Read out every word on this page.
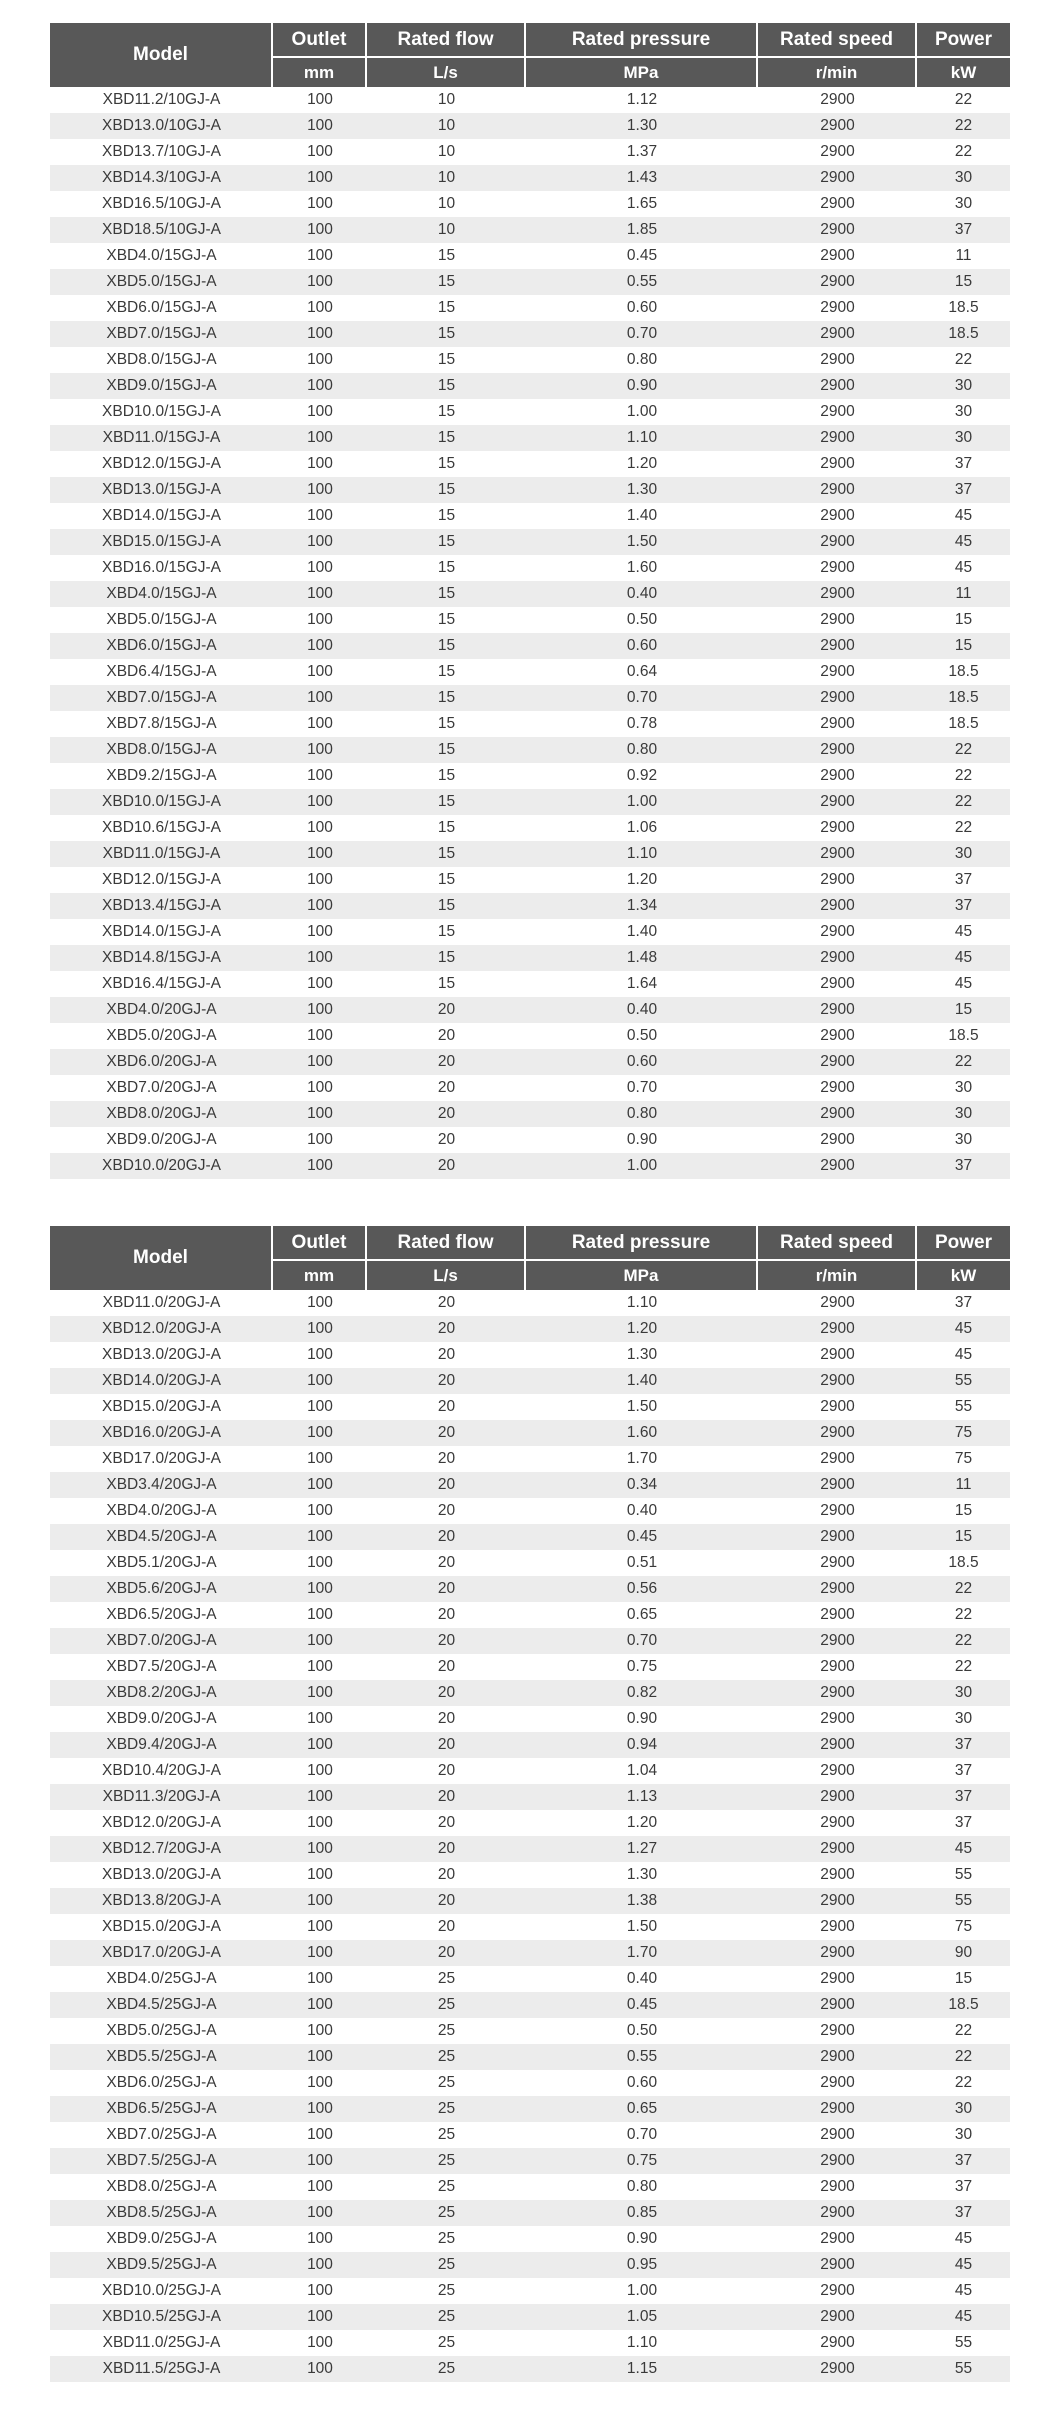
Model	Outlet	Rated flow	Rated pressure	Rated speed	Power
	mm	L/s	MPa	r/min	kW
XBD11.2/10GJ-A	100	10	1.12	2900	22
XBD13.0/10GJ-A	100	10	1.30	2900	22
XBD13.7/10GJ-A	100	10	1.37	2900	22
XBD14.3/10GJ-A	100	10	1.43	2900	30
XBD16.5/10GJ-A	100	10	1.65	2900	30
XBD18.5/10GJ-A	100	10	1.85	2900	37
XBD4.0/15GJ-A	100	15	0.45	2900	11
XBD5.0/15GJ-A	100	15	0.55	2900	15
XBD6.0/15GJ-A	100	15	0.60	2900	18.5
XBD7.0/15GJ-A	100	15	0.70	2900	18.5
XBD8.0/15GJ-A	100	15	0.80	2900	22
XBD9.0/15GJ-A	100	15	0.90	2900	30
XBD10.0/15GJ-A	100	15	1.00	2900	30
XBD11.0/15GJ-A	100	15	1.10	2900	30
XBD12.0/15GJ-A	100	15	1.20	2900	37
XBD13.0/15GJ-A	100	15	1.30	2900	37
XBD14.0/15GJ-A	100	15	1.40	2900	45
XBD15.0/15GJ-A	100	15	1.50	2900	45
XBD16.0/15GJ-A	100	15	1.60	2900	45
XBD4.0/15GJ-A	100	15	0.40	2900	11
XBD5.0/15GJ-A	100	15	0.50	2900	15
XBD6.0/15GJ-A	100	15	0.60	2900	15
XBD6.4/15GJ-A	100	15	0.64	2900	18.5
XBD7.0/15GJ-A	100	15	0.70	2900	18.5
XBD7.8/15GJ-A	100	15	0.78	2900	18.5
XBD8.0/15GJ-A	100	15	0.80	2900	22
XBD9.2/15GJ-A	100	15	0.92	2900	22
XBD10.0/15GJ-A	100	15	1.00	2900	22
XBD10.6/15GJ-A	100	15	1.06	2900	22
XBD11.0/15GJ-A	100	15	1.10	2900	30
XBD12.0/15GJ-A	100	15	1.20	2900	37
XBD13.4/15GJ-A	100	15	1.34	2900	37
XBD14.0/15GJ-A	100	15	1.40	2900	45
XBD14.8/15GJ-A	100	15	1.48	2900	45
XBD16.4/15GJ-A	100	15	1.64	2900	45
XBD4.0/20GJ-A	100	20	0.40	2900	15
XBD5.0/20GJ-A	100	20	0.50	2900	18.5
XBD6.0/20GJ-A	100	20	0.60	2900	22
XBD7.0/20GJ-A	100	20	0.70	2900	30
XBD8.0/20GJ-A	100	20	0.80	2900	30
XBD9.0/20GJ-A	100	20	0.90	2900	30
XBD10.0/20GJ-A	100	20	1.00	2900	37
Model	Outlet	Rated flow	Rated pressure	Rated speed	Power
	mm	L/s	MPa	r/min	kW
XBD11.0/20GJ-A	100	20	1.10	2900	37
XBD12.0/20GJ-A	100	20	1.20	2900	45
XBD13.0/20GJ-A	100	20	1.30	2900	45
XBD14.0/20GJ-A	100	20	1.40	2900	55
XBD15.0/20GJ-A	100	20	1.50	2900	55
XBD16.0/20GJ-A	100	20	1.60	2900	75
XBD17.0/20GJ-A	100	20	1.70	2900	75
XBD3.4/20GJ-A	100	20	0.34	2900	11
XBD4.0/20GJ-A	100	20	0.40	2900	15
XBD4.5/20GJ-A	100	20	0.45	2900	15
XBD5.1/20GJ-A	100	20	0.51	2900	18.5
XBD5.6/20GJ-A	100	20	0.56	2900	22
XBD6.5/20GJ-A	100	20	0.65	2900	22
XBD7.0/20GJ-A	100	20	0.70	2900	22
XBD7.5/20GJ-A	100	20	0.75	2900	22
XBD8.2/20GJ-A	100	20	0.82	2900	30
XBD9.0/20GJ-A	100	20	0.90	2900	30
XBD9.4/20GJ-A	100	20	0.94	2900	37
XBD10.4/20GJ-A	100	20	1.04	2900	37
XBD11.3/20GJ-A	100	20	1.13	2900	37
XBD12.0/20GJ-A	100	20	1.20	2900	37
XBD12.7/20GJ-A	100	20	1.27	2900	45
XBD13.0/20GJ-A	100	20	1.30	2900	55
XBD13.8/20GJ-A	100	20	1.38	2900	55
XBD15.0/20GJ-A	100	20	1.50	2900	75
XBD17.0/20GJ-A	100	20	1.70	2900	90
XBD4.0/25GJ-A	100	25	0.40	2900	15
XBD4.5/25GJ-A	100	25	0.45	2900	18.5
XBD5.0/25GJ-A	100	25	0.50	2900	22
XBD5.5/25GJ-A	100	25	0.55	2900	22
XBD6.0/25GJ-A	100	25	0.60	2900	22
XBD6.5/25GJ-A	100	25	0.65	2900	30
XBD7.0/25GJ-A	100	25	0.70	2900	30
XBD7.5/25GJ-A	100	25	0.75	2900	37
XBD8.0/25GJ-A	100	25	0.80	2900	37
XBD8.5/25GJ-A	100	25	0.85	2900	37
XBD9.0/25GJ-A	100	25	0.90	2900	45
XBD9.5/25GJ-A	100	25	0.95	2900	45
XBD10.0/25GJ-A	100	25	1.00	2900	45
XBD10.5/25GJ-A	100	25	1.05	2900	45
XBD11.0/25GJ-A	100	25	1.10	2900	55
XBD11.5/25GJ-A	100	25	1.15	2900	55
